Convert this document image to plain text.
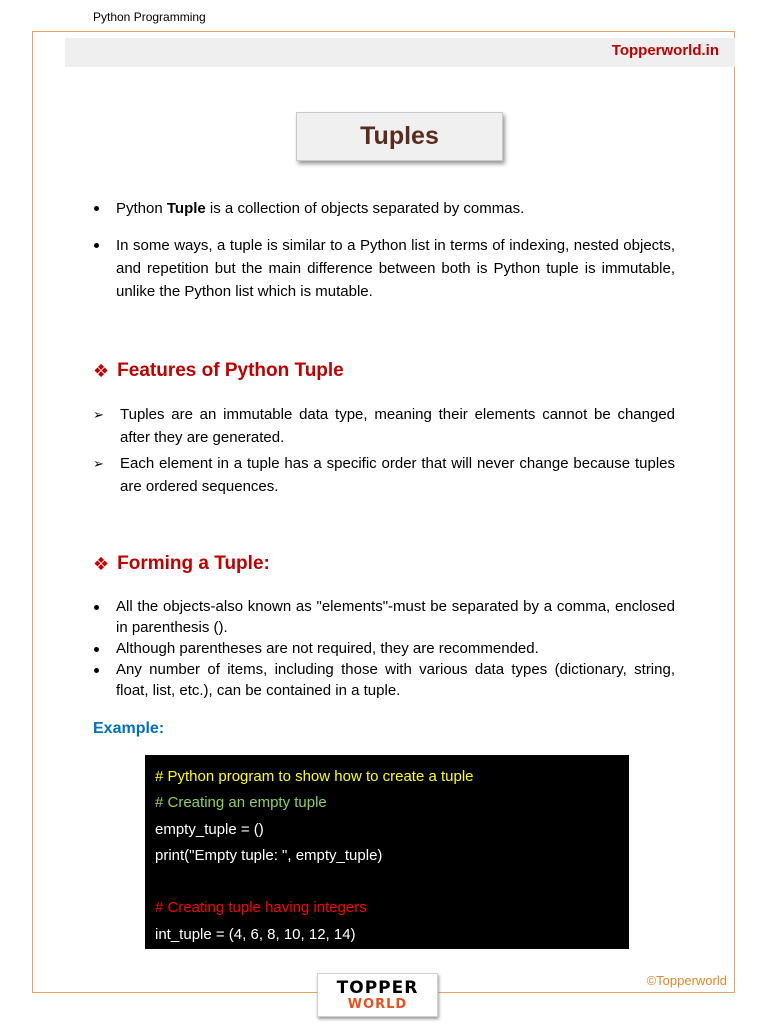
Python Programming
Topperworld.in
Tuples
Python Tuple is a collection of objects separated by commas.
In some ways, a tuple is similar to a Python list in terms of indexing, nested objects, and repetition but the main difference between both is Python tuple is immutable, unlike the Python list which is mutable.
❖ Features of Python Tuple
➢ Tuples are an immutable data type, meaning their elements cannot be changed after they are generated.
➢ Each element in a tuple has a specific order that will never change because tuples are ordered sequences.
❖ Forming a Tuple:
All the objects-also known as "elements"-must be separated by a comma, enclosed in parenthesis ().
Although parentheses are not required, they are recommended.
Any number of items, including those with various data types (dictionary, string, float, list, etc.), can be contained in a tuple.
Example:
# Python program to show how to create a tuple
# Creating an empty tuple
empty_tuple = ()
print("Empty tuple: ", empty_tuple)
# Creating tuple having integers
int_tuple = (4, 6, 8, 10, 12, 14)
©Topperworld
TOPPER
WORLD
